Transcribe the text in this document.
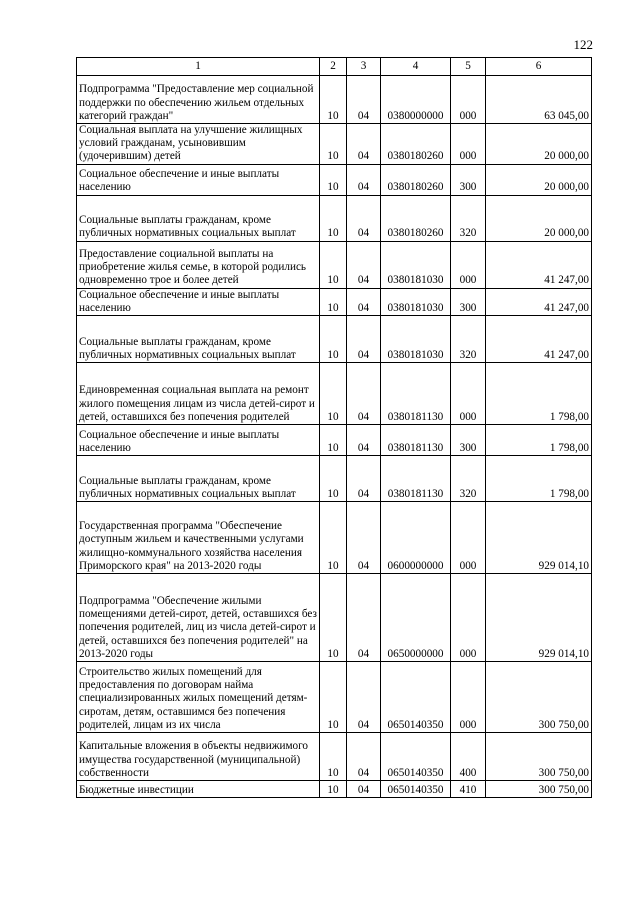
122
1	2	3	4	5	6
Подпрограмма "Предоставление мер социальной поддержки по обеспечению жильем отдельных категорий граждан"	10	04	0380000000	000	63 045,00
Социальная выплата на улучшение жилищных условий гражданам, усыновившим (удочерившим) детей	10	04	0380180260	000	20 000,00
Социальное обеспечение и иные выплаты населению	10	04	0380180260	300	20 000,00
Социальные выплаты гражданам, кроме публичных нормативных социальных выплат	10	04	0380180260	320	20 000,00
Предоставление социальной выплаты на приобретение жилья семье, в которой родились одновременно трое и более детей	10	04	0380181030	000	41 247,00
Социальное обеспечение и иные выплаты населению	10	04	0380181030	300	41 247,00
Социальные выплаты гражданам, кроме публичных нормативных социальных выплат	10	04	0380181030	320	41 247,00
Единовременная социальная выплата на ремонт жилого помещения лицам из числа детей-сирот и детей, оставшихся без попечения родителей	10	04	0380181130	000	1 798,00
Социальное обеспечение и иные выплаты населению	10	04	0380181130	300	1 798,00
Социальные выплаты гражданам, кроме публичных нормативных социальных выплат	10	04	0380181130	320	1 798,00
Государственная программа "Обеспечение доступным жильем и качественными услугами жилищно-коммунального хозяйства населения Приморского края" на 2013-2020 годы	10	04	0600000000	000	929 014,10
Подпрограмма "Обеспечение жилыми помещениями детей-сирот, детей, оставшихся без попечения родителей, лиц из числа детей-сирот и детей, оставшихся без попечения родителей" на 2013-2020 годы	10	04	0650000000	000	929 014,10
Строительство жилых помещений для предоставления по договорам найма специализированных жилых помещений детям-сиротам, детям, оставшимся без попечения родителей, лицам из их числа	10	04	0650140350	000	300 750,00
Капитальные вложения в объекты недвижимого имущества государственной (муниципальной) собственности	10	04	0650140350	400	300 750,00
Бюджетные инвестиции	10	04	0650140350	410	300 750,00
